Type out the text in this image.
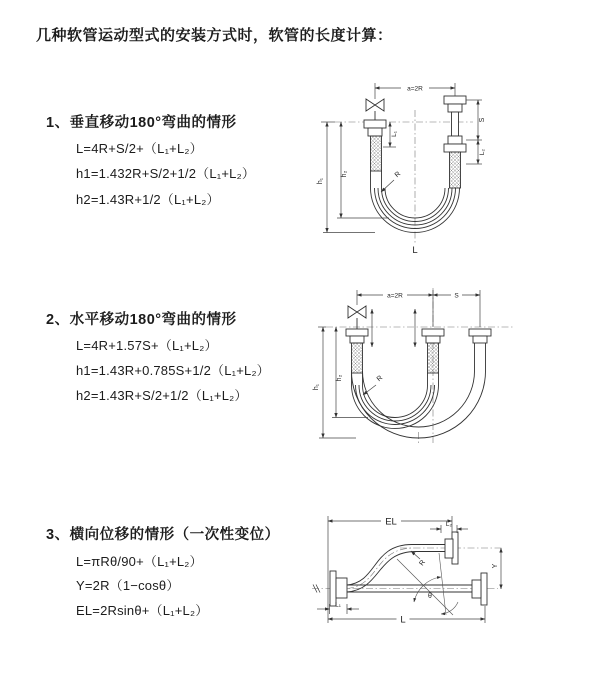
几种软管运动型式的安装方式时，软管的长度计算：
1、垂直移动180°弯曲的情形
L=4R+S/2+（L₁+L₂）
h1=1.432R+S/2+1/2（L₁+L₂）
h2=1.43R+1/2（L₁+L₂）
a=2R
S
L₂
L₁
h₁
h₂	R
L
2、水平移动180°弯曲的情形
L=4R+1.57S+（L₁+L₂）
h1=1.43R+0.785S+1/2（L₁+L₂）
h2=1.43R+S/2+1/2（L₁+L₂）
a=2R	S
h₁
h₂	R
3、横向位移的情形（一次性变位）
L=πRθ/90+（L₁+L₂）
Y=2R（1−cosθ）
EL=2Rsinθ+（L₁+L₂）
EL	L₂
Y
R
θ
L
L₁
